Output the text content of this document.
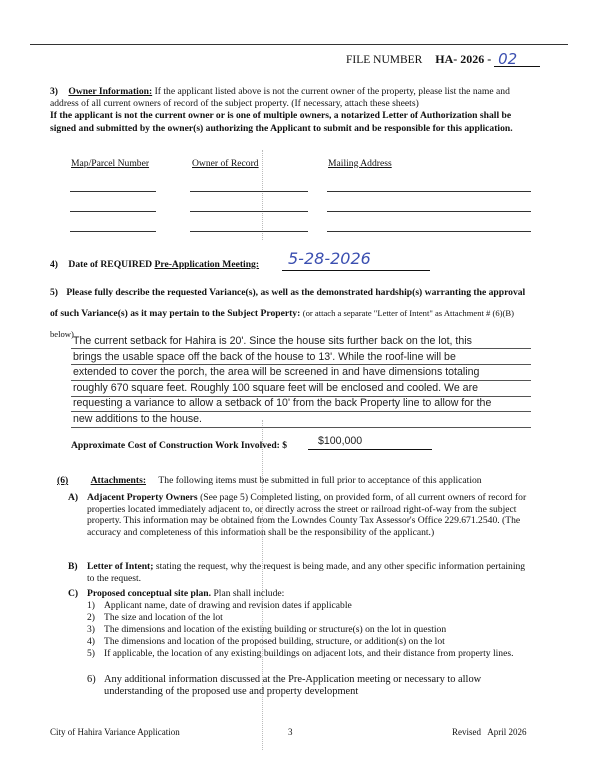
FILE NUMBER HA- 2026 - 02
3) Owner Information: If the applicant listed above is not the current owner of the property, please list the name and address of all current owners of record of the subject property. (If necessary, attach these sheets)
If the applicant is not the current owner or is one of multiple owners, a notarized Letter of Authorization shall be signed and submitted by the owner(s) authorizing the Applicant to submit and be responsible for this application.
Map/Parcel Number	Owner of Record	Mailing Address
4) Date of REQUIRED Pre-Application Meeting: 5-28-2026
5) Please fully describe the requested Variance(s), as well as the demonstrated hardship(s) warranting the approval of such Variance(s) as it may pertain to the Subject Property: (or attach a separate "Letter of Intent" as Attachment # (6)(B) below)
The current setback for Hahira is 20'. Since the house sits further back on the lot, this
brings the usable space off the back of the house to 13'. While the roof-line will be
extended to cover the porch, the area will be screened in and have dimensions totaling
roughly 670 square feet. Roughly 100 square feet will be enclosed and cooled. We are
requesting a variance to allow a setback of 10' from the back Property line to allow for the
new additions to the house.
Approximate Cost of Construction Work Involved: $	$100,000
(6) Attachments: The following items must be submitted in full prior to acceptance of this application
A) Adjacent Property Owners (See page 5) Completed listing, on provided form, of all current owners of record for properties located immediately adjacent to, or directly across the street or railroad right-of-way from the subject property. This information may be obtained from the Lowndes County Tax Assessor's Office 229.671.2540. (The accuracy and completeness of this information shall be the responsibility of the applicant.)
B) Letter of Intent; stating the request, why the request is being made, and any other specific information pertaining to the request.
C) Proposed conceptual site plan. Plan shall include:
1) Applicant name, date of drawing and revision dates if applicable
2) The size and location of the lot
3) The dimensions and location of the existing building or structure(s) on the lot in question
4) The dimensions and location of the proposed building, structure, or addition(s) on the lot
5) If applicable, the location of any existing buildings on adjacent lots, and their distance from property lines.
6) Any additional information discussed at the Pre-Application meeting or necessary to allow understanding of the proposed use and property development
City of Hahira Variance Application	3	Revised   April 2026
